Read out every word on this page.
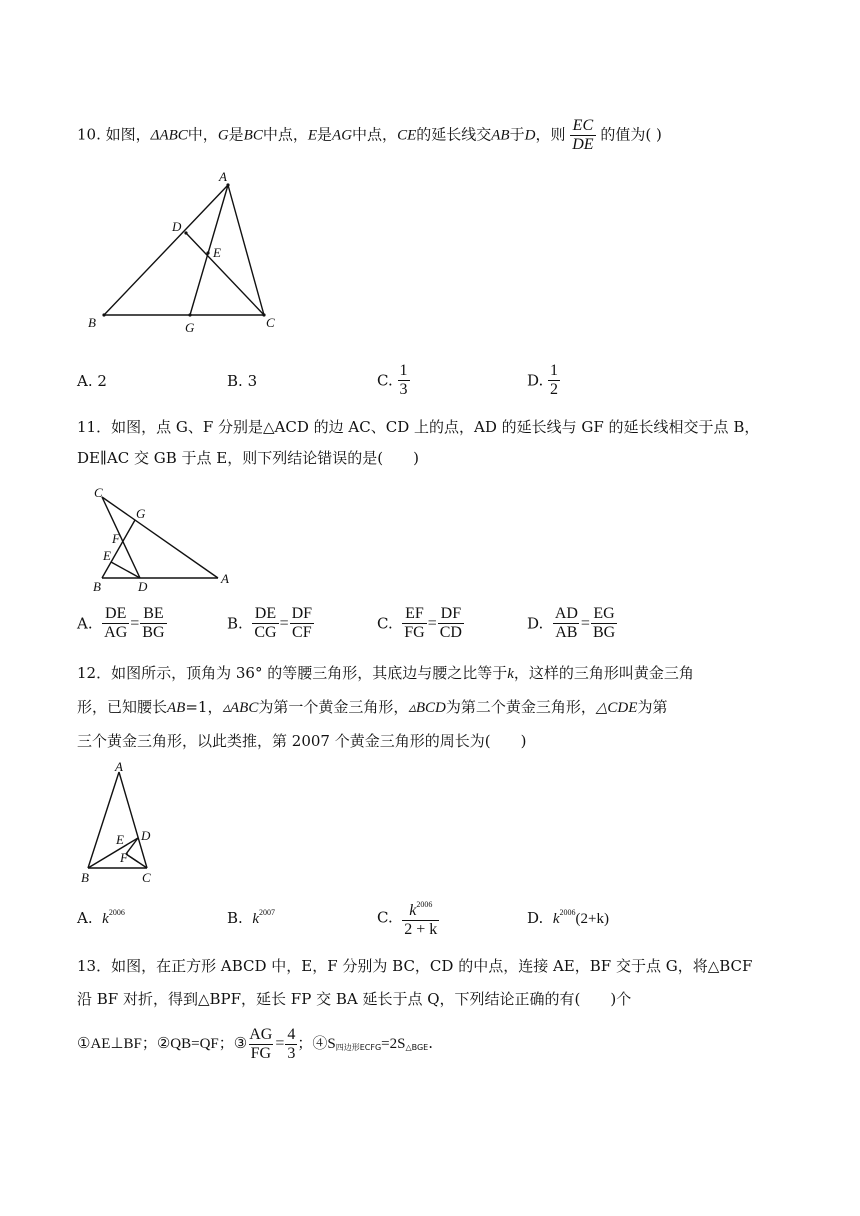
10. 如图，ΔABC中，G是BC中点，E是AG中点，CE的延长线交AB于D，则 $\frac{EC}{DE}$ 的值为( )
A
B	C
D
E
G
A. 2	B. 3	C. $\frac{1}{3}$	D. $\frac{1}{2}$
11．如图，点 G、F 分别是△ACD 的边 AC、CD 上的点，AD 的延长线与 GF 的延长线相交于点 B，
DE∥AC 交 GB 于点 E，则下列结论错误的是(　　)
C
G
F
E
B	D
A
A. $\frac{DE}{AG} = \frac{BE}{BG}$	B. $\frac{DE}{CG} = \frac{DF}{CF}$	C. $\frac{EF}{FG} = \frac{DF}{CD}$	D. $\frac{AD}{AB} = \frac{EG}{BG}$
12．如图所示，顶角为 36° 的等腰三角形，其底边与腰之比等于k，这样的三角形叫黄金三角
形，已知腰长AB=1，▵ABC为第一个黄金三角形，▵BCD为第二个黄金三角形，△CDE为第
三个黄金三角形，以此类推，第 2007 个黄金三角形的周长为(　　)
A
B	C
D
E
F
A. $k^{2006}$	B. $k^{2007}$	C. $\frac{k^{2006}}{2 + k}$	D. $k^{2006}(2+k)$
13．如图，在正方形 ABCD 中，E，F 分别为 BC，CD 的中点，连接 AE，BF 交于点 G，将△BCF
沿 BF 对折，得到△BPF，延长 FP 交 BA 延长于点 Q，下列结论正确的有(　　)个
①AE⊥BF；②QB=QF；③ $\frac{AG}{FG} = \frac{4}{3}$ ；$④S_{四边形ECFG}=2S_{\triangle BGE}$.
